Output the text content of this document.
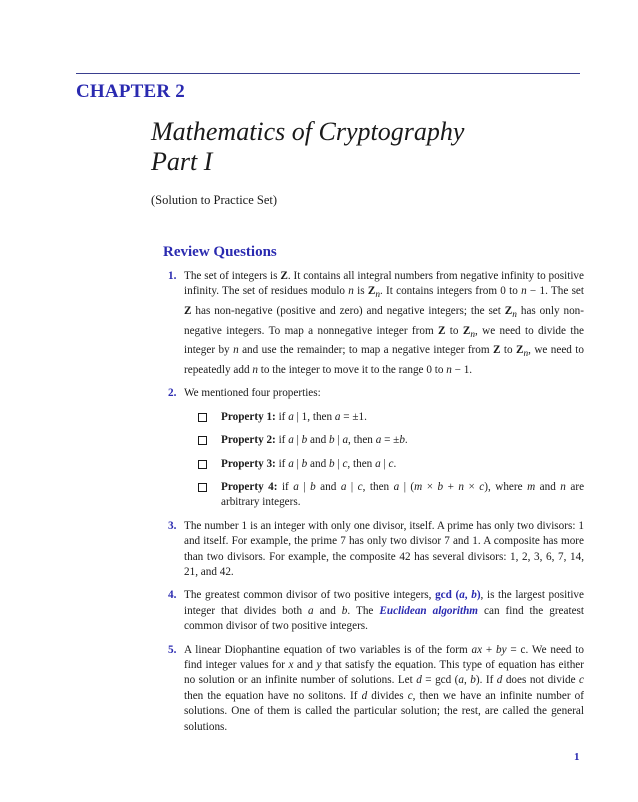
CHAPTER 2
Mathematics of Cryptography
Part I
(Solution to Practice Set)
Review Questions
1. The set of integers is Z. It contains all integral numbers from negative infinity to positive infinity. The set of residues modulo n is $Z_n$. It contains integers from 0 to n − 1. The set Z has non-negative (positive and zero) and negative integers; the set $Z_n$ has only non-negative integers. To map a nonnegative integer from Z to $Z_n$, we need to divide the integer by n and use the remainder; to map a negative integer from Z to $Z_n$, we need to repeatedly add n to the integer to move it to the range 0 to n − 1.
2. We mentioned four properties:
Property 1: if a | 1, then a = ±1.
Property 2: if a | b and b | a, then a = ±b.
Property 3: if a | b and b | c, then a | c.
Property 4: if a | b and a | c, then a | (m × b + n × c), where m and n are arbitrary integers.
3. The number 1 is an integer with only one divisor, itself. A prime has only two divisors: 1 and itself. For example, the prime 7 has only two divisor 7 and 1. A composite has more than two divisors. For example, the composite 42 has several divisors: 1, 2, 3, 6, 7, 14, 21, and 42.
4. The greatest common divisor of two positive integers, gcd (a, b), is the largest positive integer that divides both a and b. The Euclidean algorithm can find the greatest common divisor of two positive integers.
5. A linear Diophantine equation of two variables is of the form ax + by = c. We need to find integer values for x and y that satisfy the equation. This type of equation has either no solution or an infinite number of solutions. Let d = gcd (a, b). If d does not divide c then the equation have no solitons. If d divides c, then we have an infinite number of solutions. One of them is called the particular solution; the rest, are called the general solutions.
1
